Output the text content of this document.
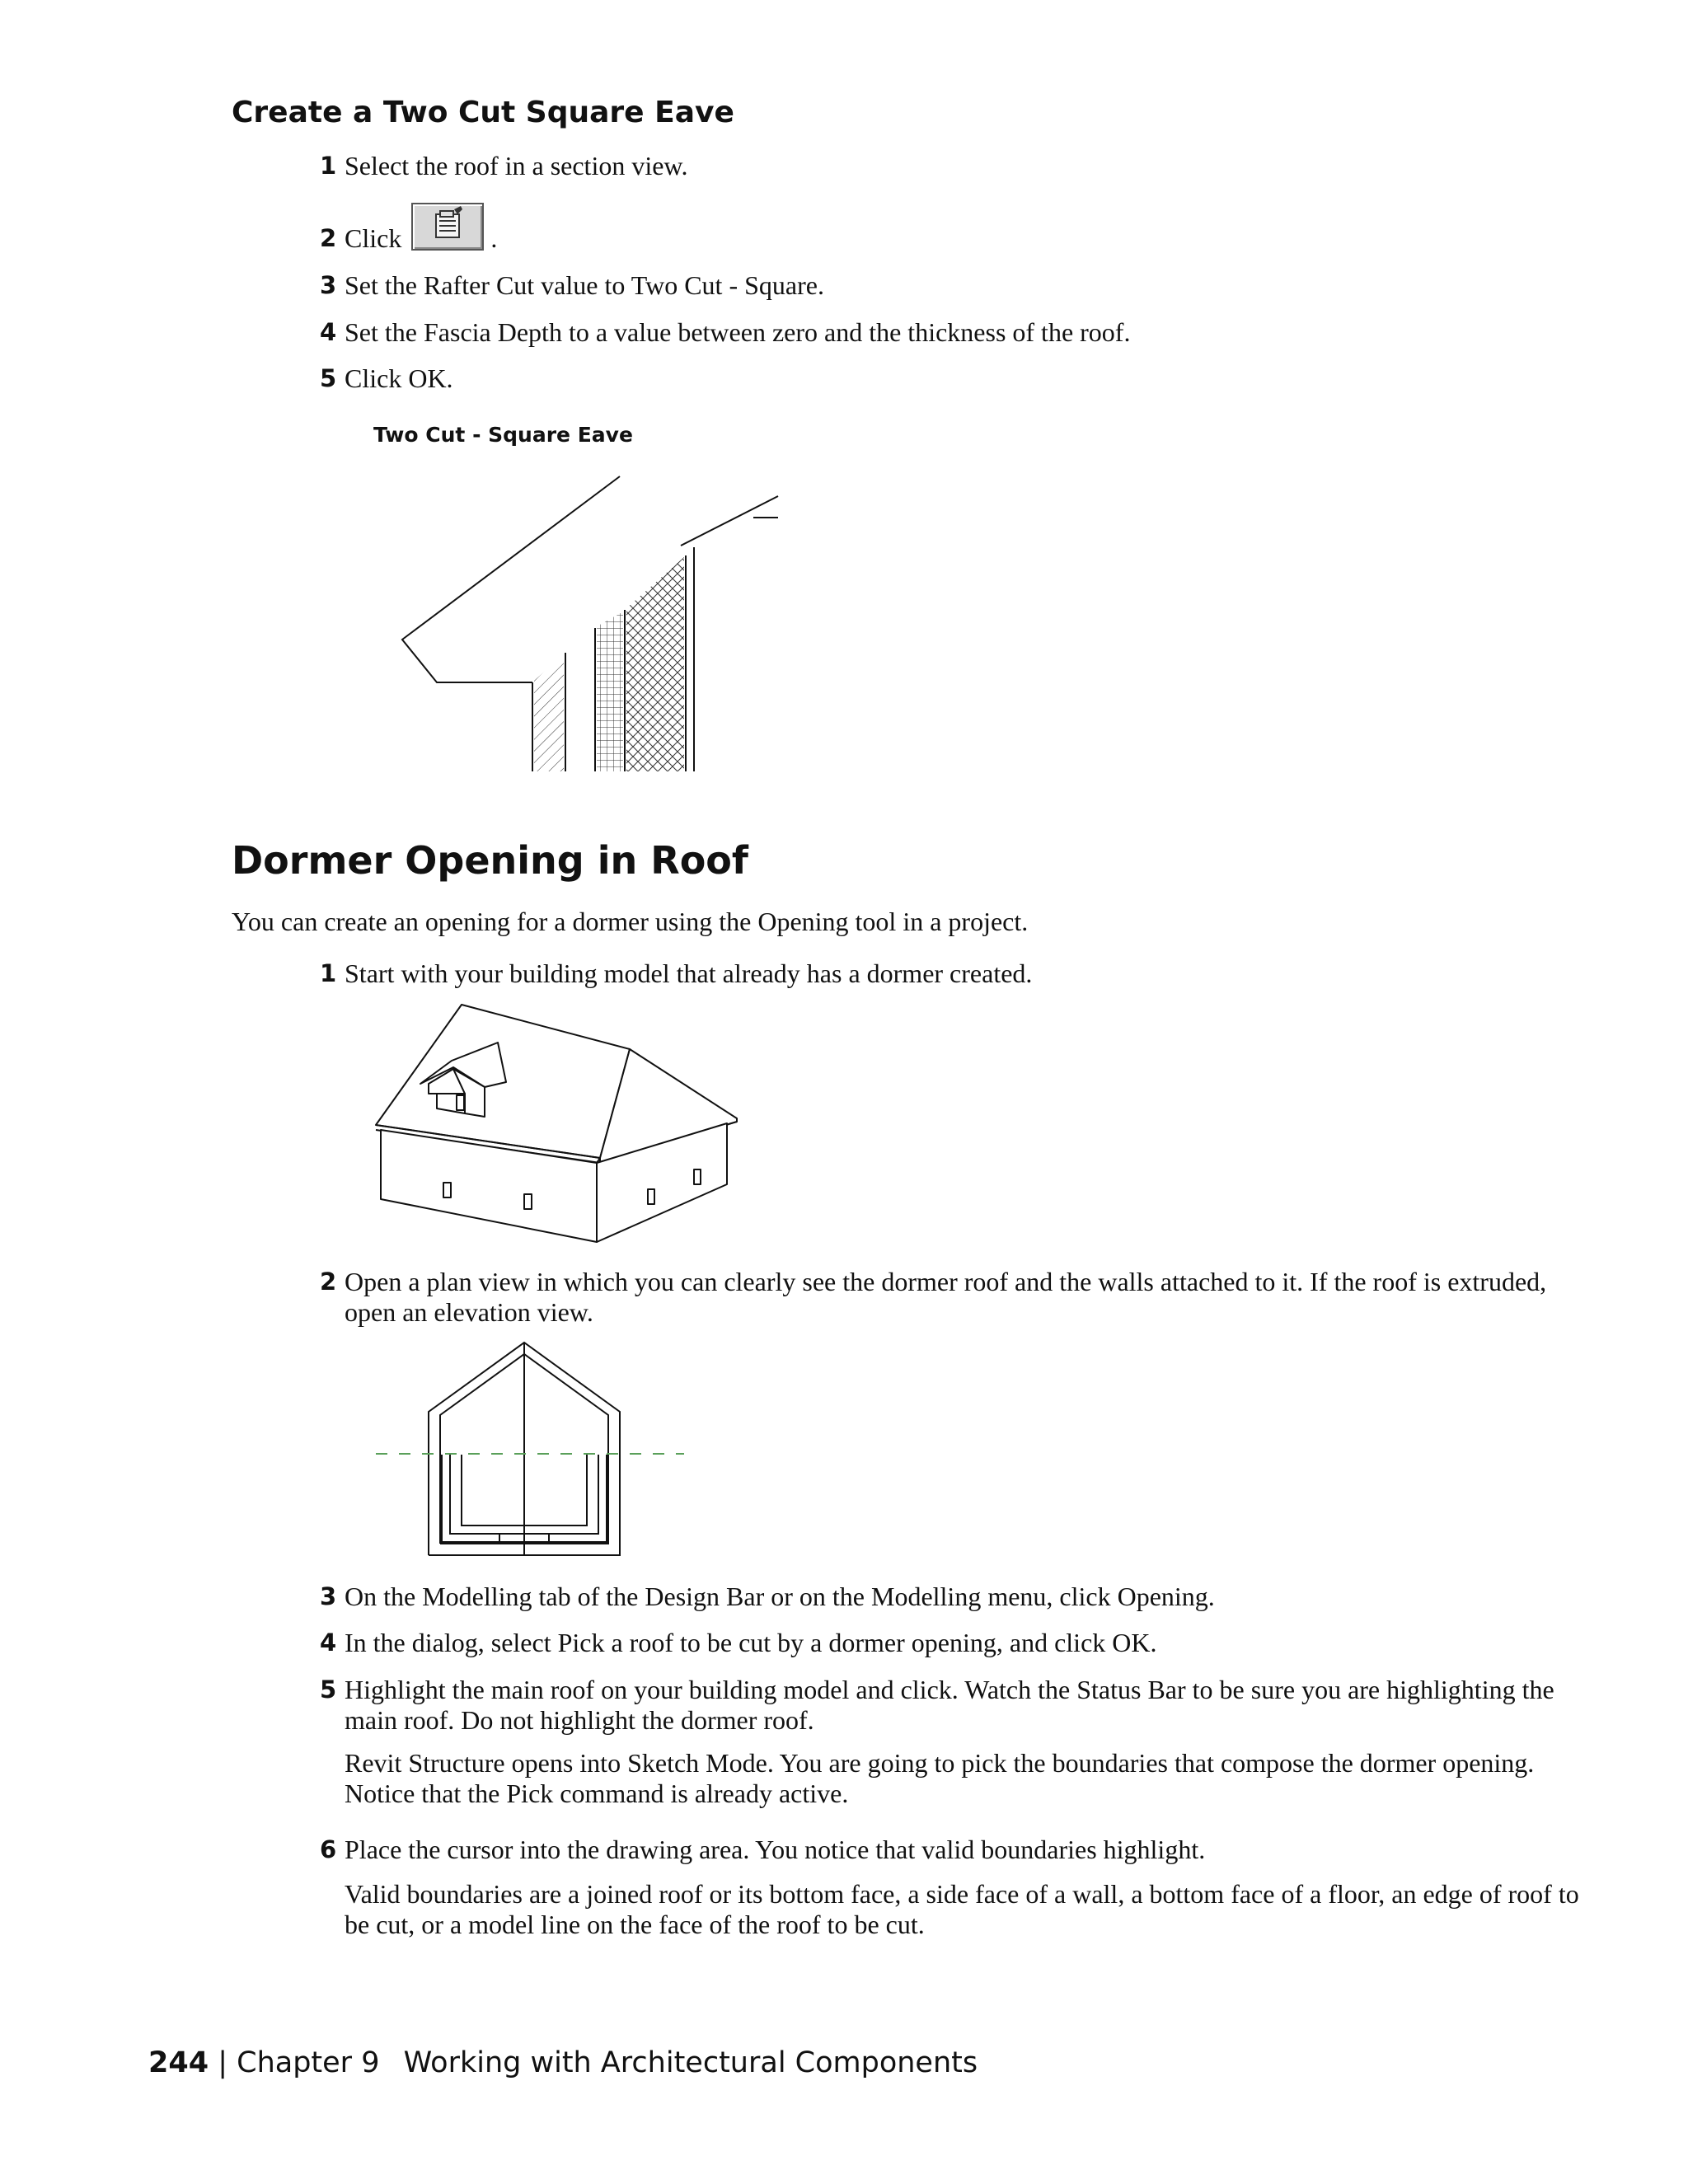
Create a Two Cut Square Eave
1 Select the roof in a section view.
2 Click	.
3 Set the Rafter Cut value to Two Cut - Square.
4 Set the Fascia Depth to a value between zero and the thickness of the roof.
5 Click OK.
Two Cut - Square Eave
Dormer Opening in Roof
You can create an opening for a dormer using the Opening tool in a project.
1 Start with your building model that already has a dormer created.
2 Open a plan view in which you can clearly see the dormer roof and the walls attached to it. If the roof is extruded, open an elevation view.
3 On the Modelling tab of the Design Bar or on the Modelling menu, click Opening.
4 In the dialog, select Pick a roof to be cut by a dormer opening, and click OK.
5 Highlight the main roof on your building model and click. Watch the Status Bar to be sure you are highlighting the main roof. Do not highlight the dormer roof.
Revit Structure opens into Sketch Mode. You are going to pick the boundaries that compose the dormer opening. Notice that the Pick command is already active.
6 Place the cursor into the drawing area. You notice that valid boundaries highlight.
Valid boundaries are a joined roof or its bottom face, a side face of a wall, a bottom face of a floor, an edge of roof to be cut, or a model line on the face of the roof to be cut.
244 | Chapter 9 Working with Architectural Components
